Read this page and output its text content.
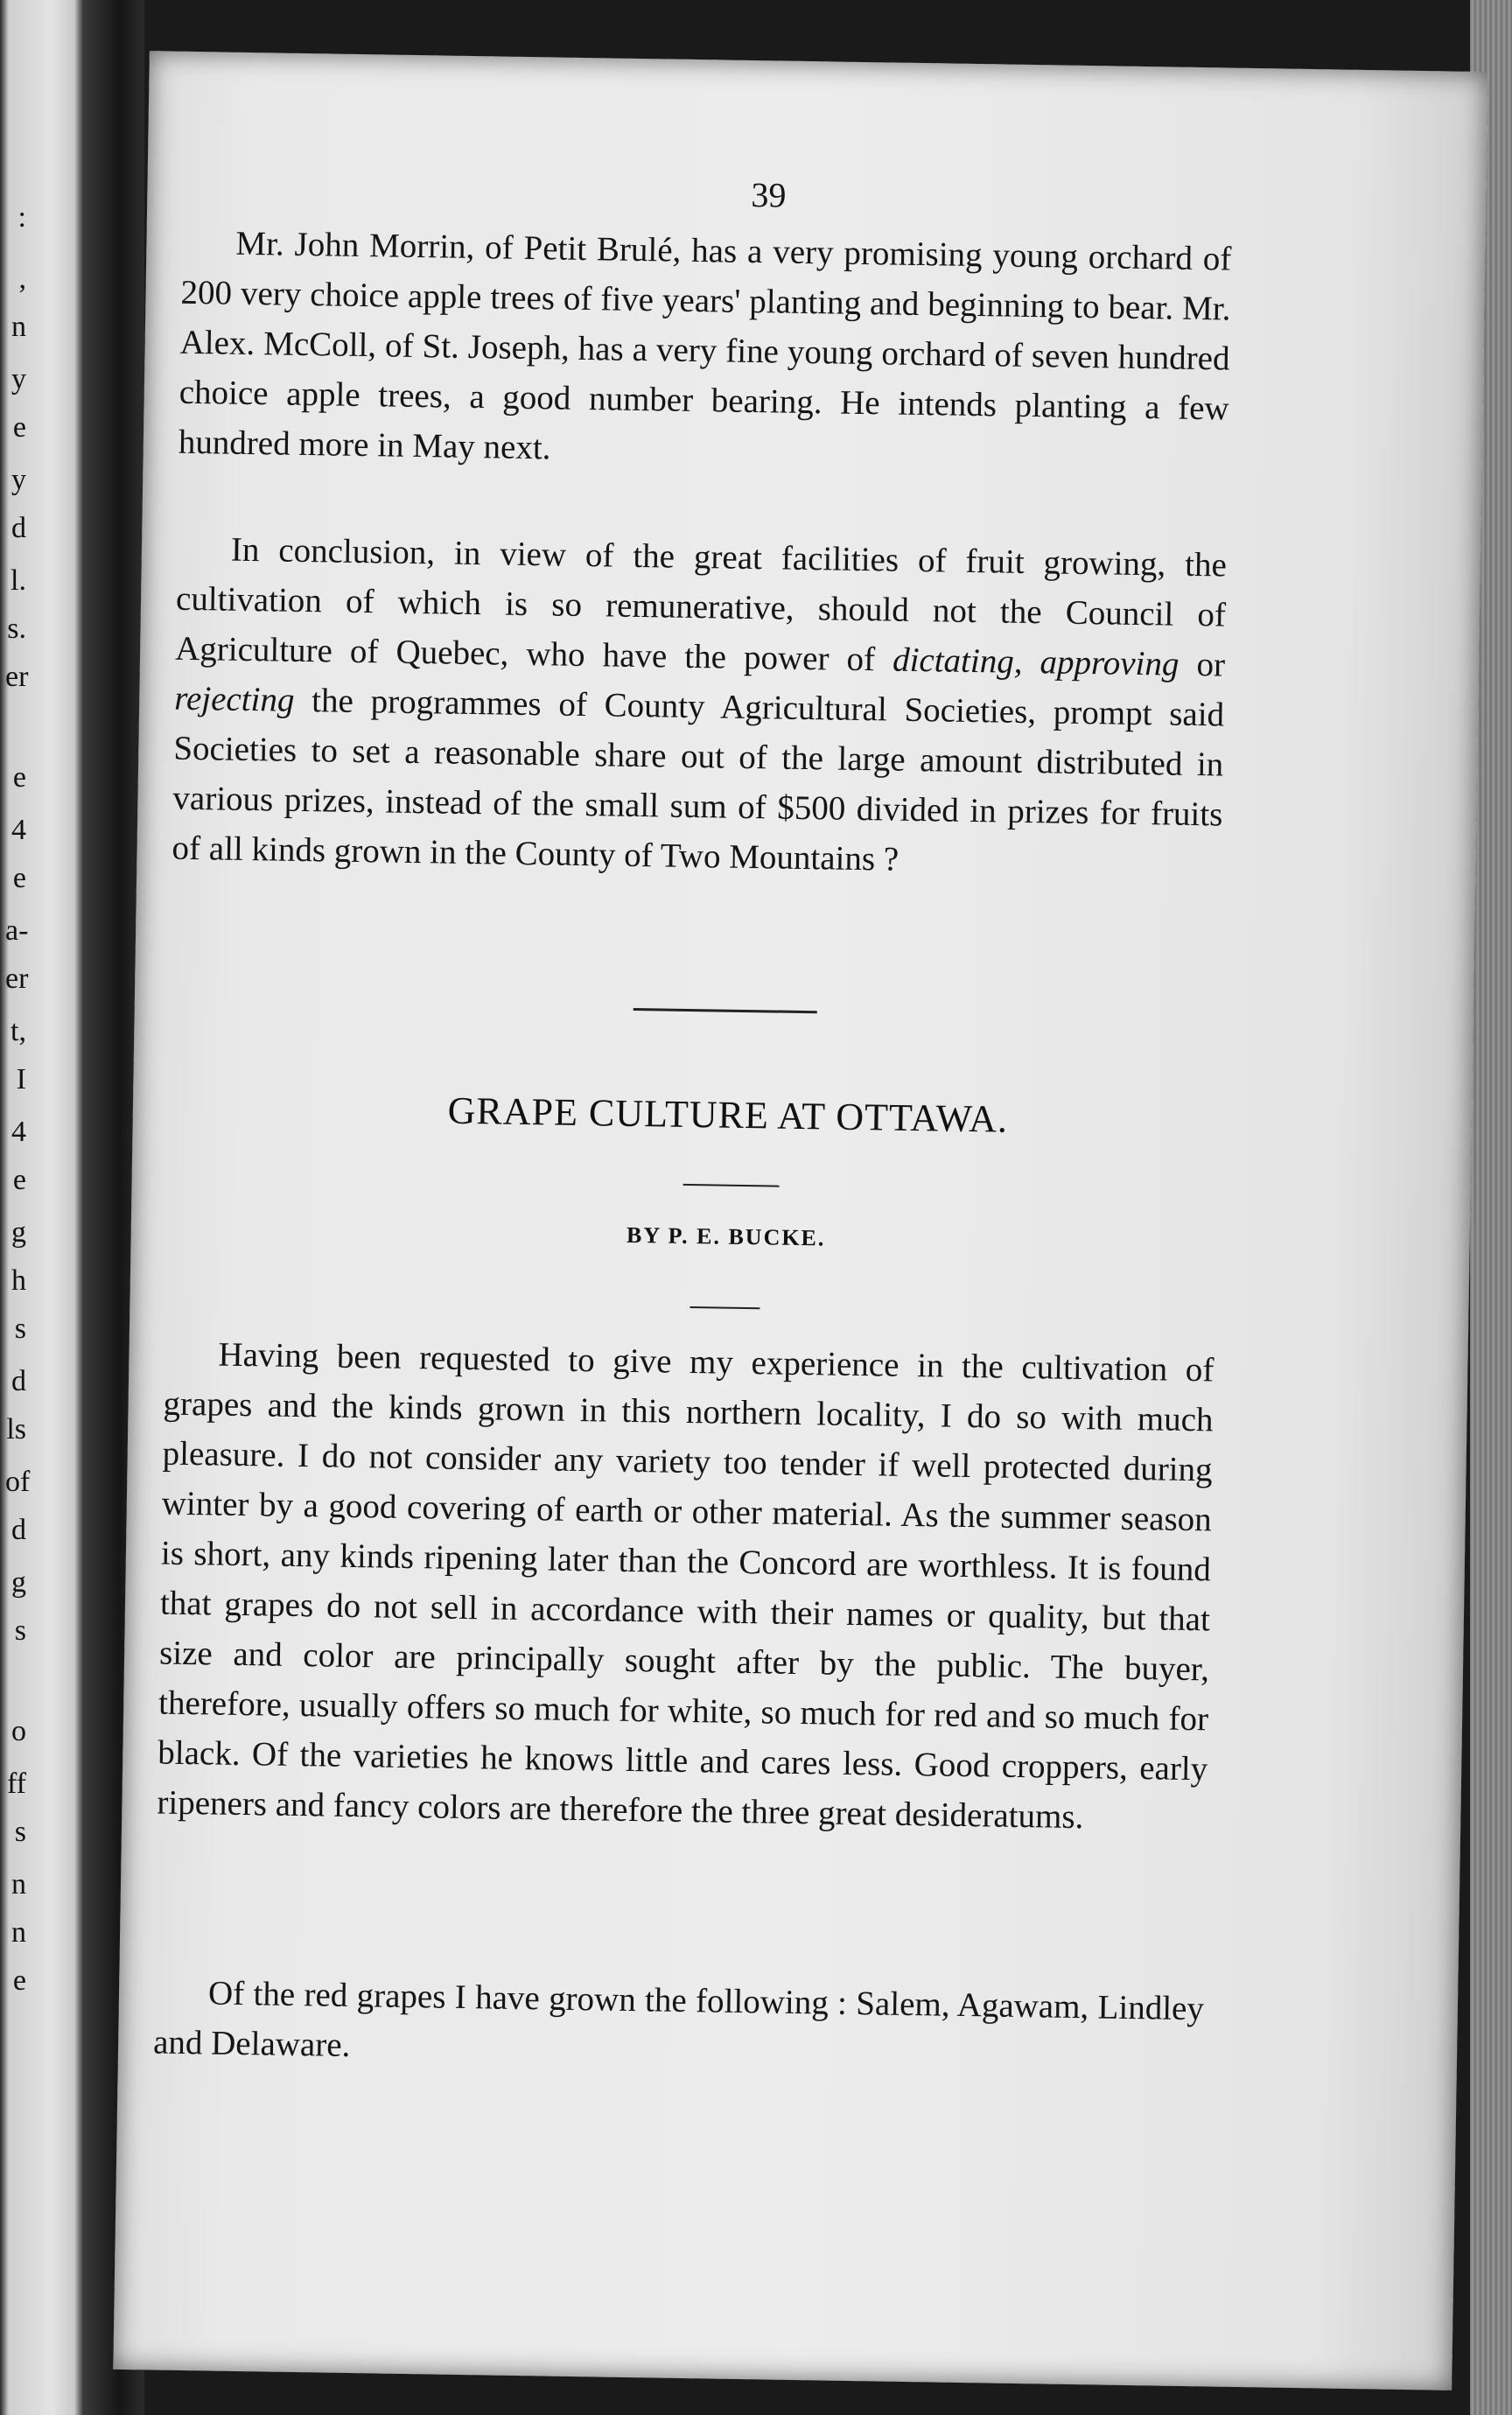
:
,
n
y
e
y
d
l.
s.
er
e
4
e
a-
er
t,
I
4
e
g
h
s
d
ls
of
d
g
s
o
ff
s
n
n
e
39

Mr. John Morrin, of Petit Brulé, has a very promising young orchard of 200 very choice apple trees of five years' planting and beginning to bear. Mr. Alex. McColl, of St. Joseph, has a very fine young orchard of seven hundred choice apple trees, a good number bearing. He intends planting a few hundred more in May next.

In conclusion, in view of the great facilities of fruit growing, the cultivation of which is so remunerative, should not the Council of Agriculture of Quebec, who have the power of dictating, approving or rejecting the programmes of County Agricultural Societies, prompt said Societies to set a reasonable share out of the large amount distributed in various prizes, instead of the small sum of $500 divided in prizes for fruits of all kinds grown in the County of Two Mountains ?

GRAPE CULTURE AT OTTAWA.
BY P. E. BUCKE.

Having been requested to give my experience in the cultivation of grapes and the kinds grown in this northern locality, I do so with much pleasure. I do not consider any variety too tender if well protected during winter by a good covering of earth or other material. As the summer season is short, any kinds ripening later than the Concord are worthless. It is found that grapes do not sell in accordance with their names or quality, but that size and color are principally sought after by the public. The buyer, therefore, usually offers so much for white, so much for red and so much for black. Of the varieties he knows little and cares less. Good croppers, early ripeners and fancy colors are therefore the three great desideratums.

Of the red grapes I have grown the following : Salem, Agawam, Lindley and Delaware.
